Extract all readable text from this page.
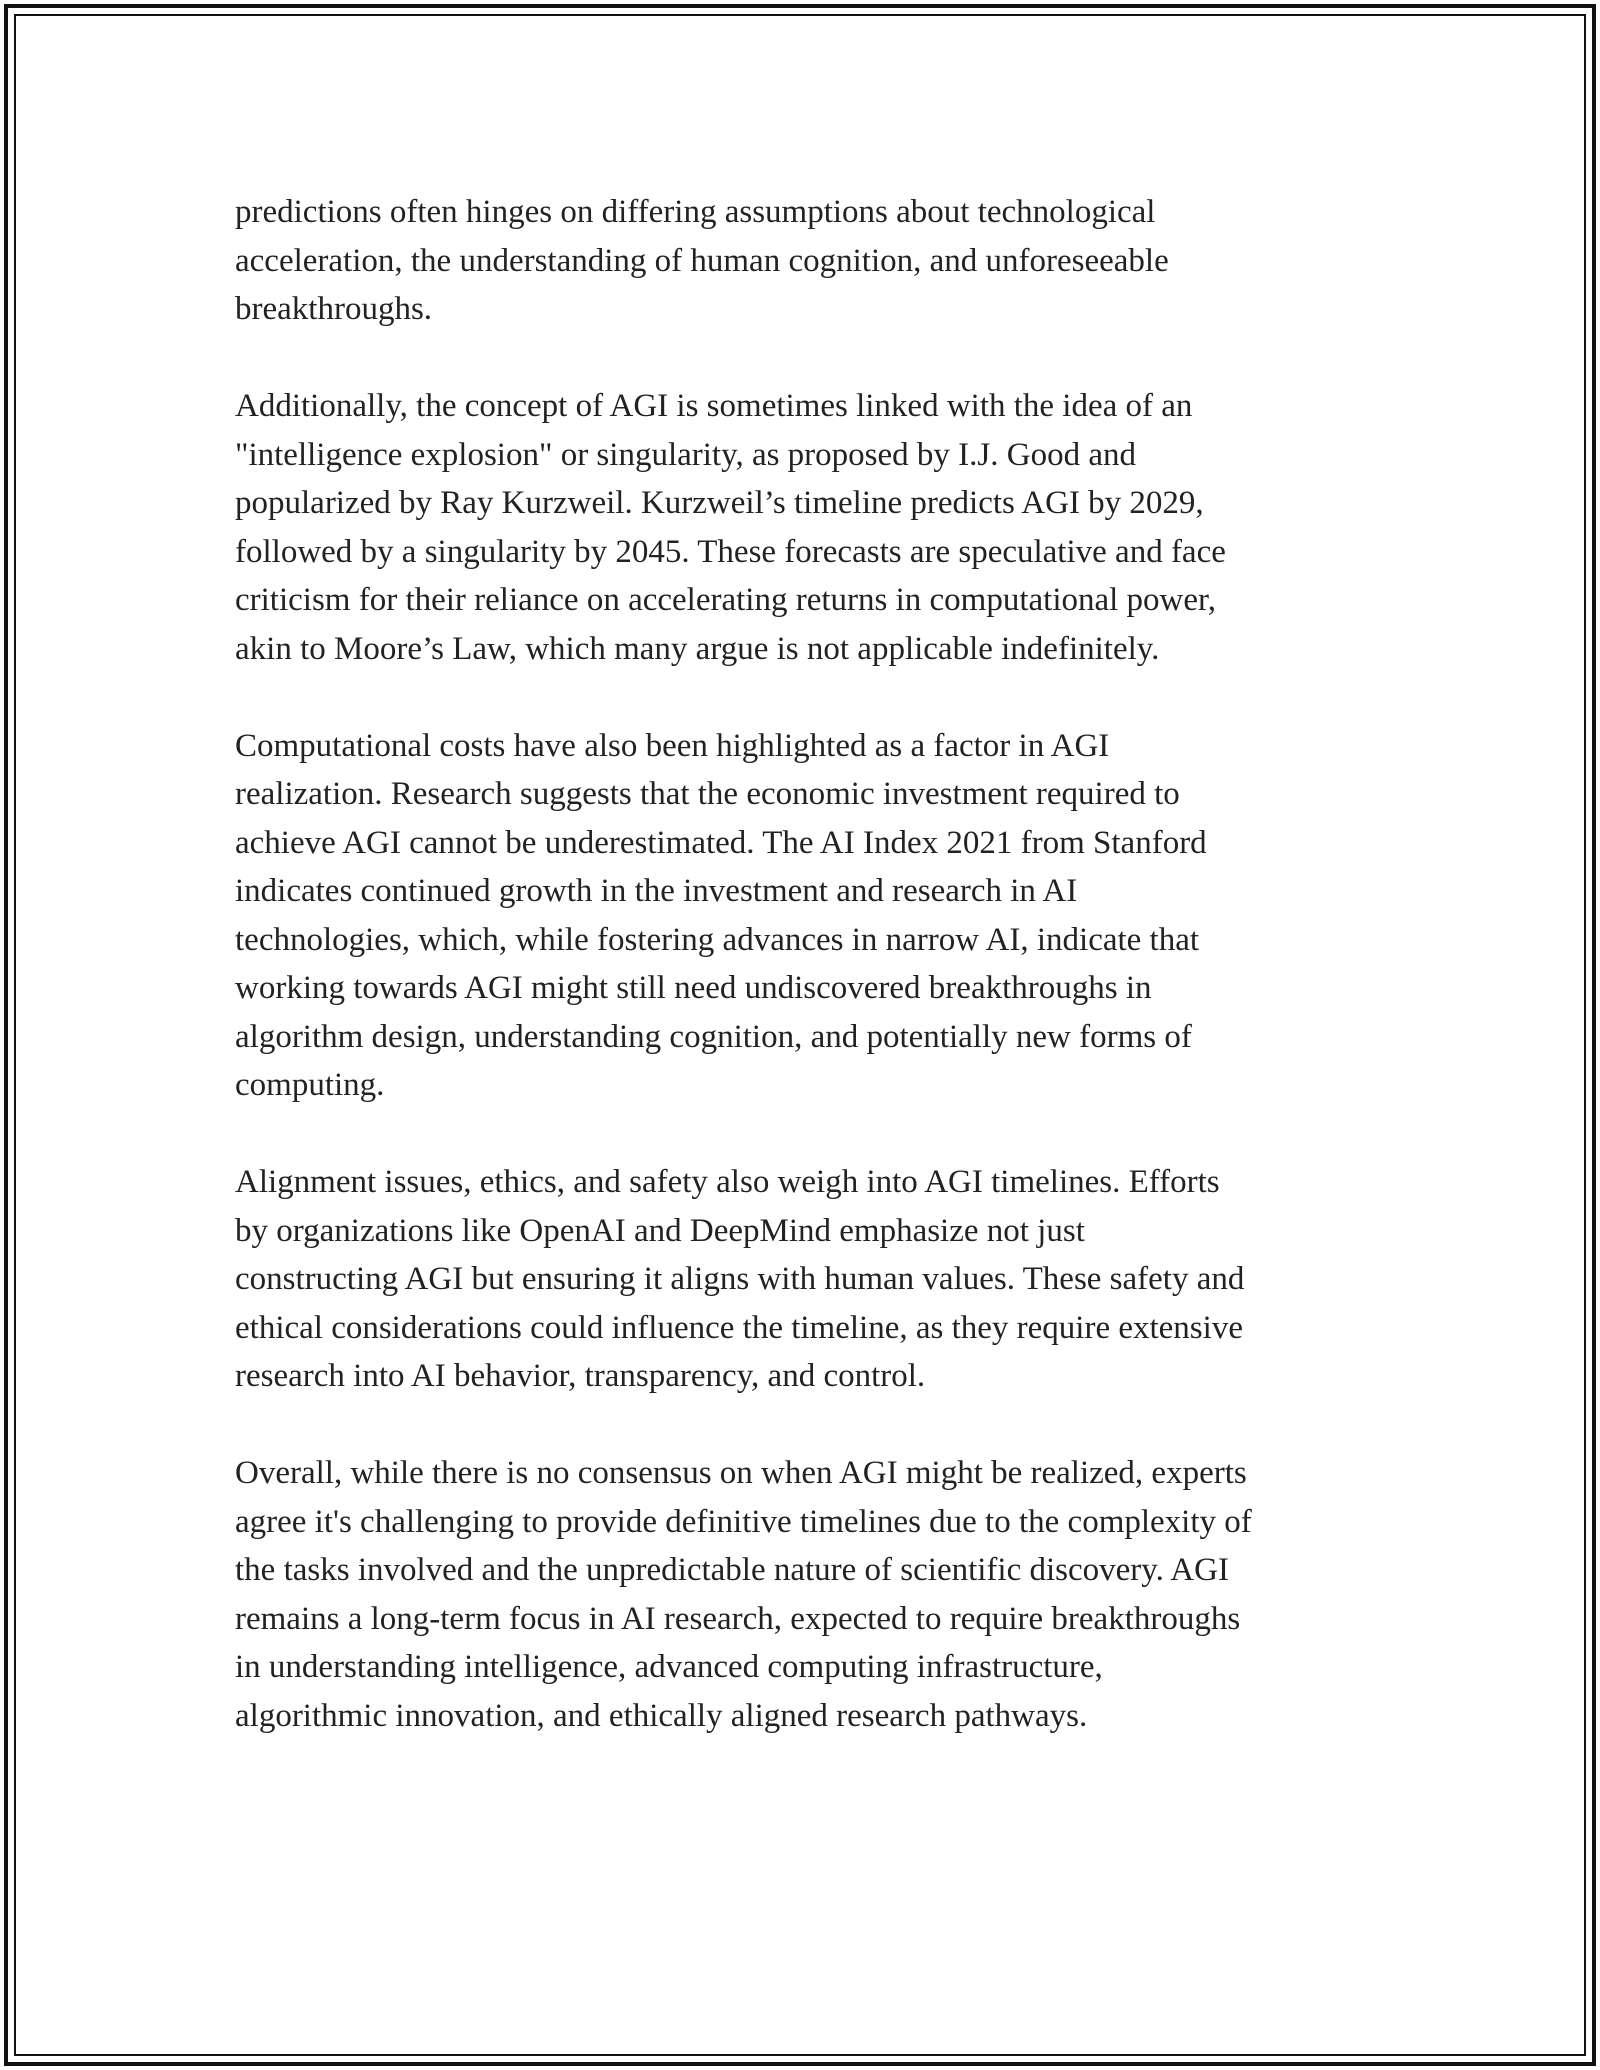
predictions often hinges on differing assumptions about technological
acceleration, the understanding of human cognition, and unforeseeable
breakthroughs.

Additionally, the concept of AGI is sometimes linked with the idea of an
"intelligence explosion" or singularity, as proposed by I.J. Good and
popularized by Ray Kurzweil. Kurzweil’s timeline predicts AGI by 2029,
followed by a singularity by 2045. These forecasts are speculative and face
criticism for their reliance on accelerating returns in computational power,
akin to Moore’s Law, which many argue is not applicable indefinitely.

Computational costs have also been highlighted as a factor in AGI
realization. Research suggests that the economic investment required to
achieve AGI cannot be underestimated. The AI Index 2021 from Stanford
indicates continued growth in the investment and research in AI
technologies, which, while fostering advances in narrow AI, indicate that
working towards AGI might still need undiscovered breakthroughs in
algorithm design, understanding cognition, and potentially new forms of
computing.

Alignment issues, ethics, and safety also weigh into AGI timelines. Efforts
by organizations like OpenAI and DeepMind emphasize not just
constructing AGI but ensuring it aligns with human values. These safety and
ethical considerations could influence the timeline, as they require extensive
research into AI behavior, transparency, and control.

Overall, while there is no consensus on when AGI might be realized, experts
agree it's challenging to provide definitive timelines due to the complexity of
the tasks involved and the unpredictable nature of scientific discovery. AGI
remains a long-term focus in AI research, expected to require breakthroughs
in understanding intelligence, advanced computing infrastructure,
algorithmic innovation, and ethically aligned research pathways.
